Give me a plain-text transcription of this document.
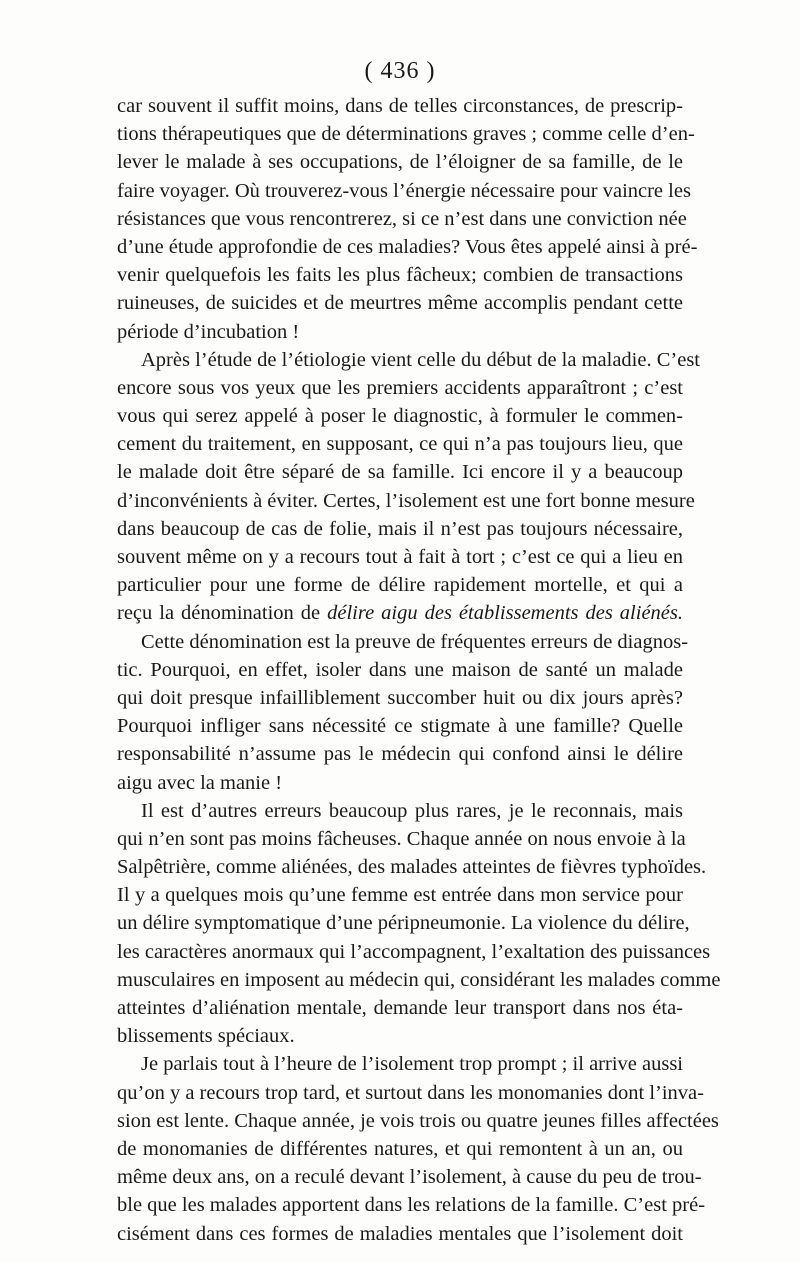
( 436 )
car souvent il suffit moins, dans de telles circonstances, de prescrip-
tions thérapeutiques que de déterminations graves ; comme celle d’en-
lever le malade à ses occupations, de l’éloigner de sa famille, de le
faire voyager. Où trouverez-vous l’énergie nécessaire pour vaincre les
résistances que vous rencontrerez, si ce n’est dans une conviction née
d’une étude approfondie de ces maladies? Vous êtes appelé ainsi à pré-
venir quelquefois les faits les plus fâcheux; combien de transactions
ruineuses, de suicides et de meurtres même accomplis pendant cette
période d’incubation !
Après l’étude de l’étiologie vient celle du début de la maladie. C’est
encore sous vos yeux que les premiers accidents apparaîtront ; c’est
vous qui serez appelé à poser le diagnostic, à formuler le commen-
cement du traitement, en supposant, ce qui n’a pas toujours lieu, que
le malade doit être séparé de sa famille. Ici encore il y a beaucoup
d’inconvénients à éviter. Certes, l’isolement est une fort bonne mesure
dans beaucoup de cas de folie, mais il n’est pas toujours nécessaire,
souvent même on y a recours tout à fait à tort ; c’est ce qui a lieu en
particulier pour une forme de délire rapidement mortelle, et qui a
reçu la dénomination de délire aigu des établissements des aliénés.
Cette dénomination est la preuve de fréquentes erreurs de diagnos-
tic. Pourquoi, en effet, isoler dans une maison de santé un malade
qui doit presque infailliblement succomber huit ou dix jours après?
Pourquoi infliger sans nécessité ce stigmate à une famille? Quelle
responsabilité n’assume pas le médecin qui confond ainsi le délire
aigu avec la manie !
Il est d’autres erreurs beaucoup plus rares, je le reconnais, mais
qui n’en sont pas moins fâcheuses. Chaque année on nous envoie à la
Salpêtrière, comme aliénées, des malades atteintes de fièvres typhoïdes.
Il y a quelques mois qu’une femme est entrée dans mon service pour
un délire symptomatique d’une péripneumonie. La violence du délire,
les caractères anormaux qui l’accompagnent, l’exaltation des puissances
musculaires en imposent au médecin qui, considérant les malades comme
atteintes d’aliénation mentale, demande leur transport dans nos éta-
blissements spéciaux.
Je parlais tout à l’heure de l’isolement trop prompt ; il arrive aussi
qu’on y a recours trop tard, et surtout dans les monomanies dont l’inva-
sion est lente. Chaque année, je vois trois ou quatre jeunes filles affectées
de monomanies de différentes natures, et qui remontent à un an, ou
même deux ans, on a reculé devant l’isolement, à cause du peu de trou-
ble que les malades apportent dans les relations de la famille. C’est pré-
cisément dans ces formes de maladies mentales que l’isolement doit
